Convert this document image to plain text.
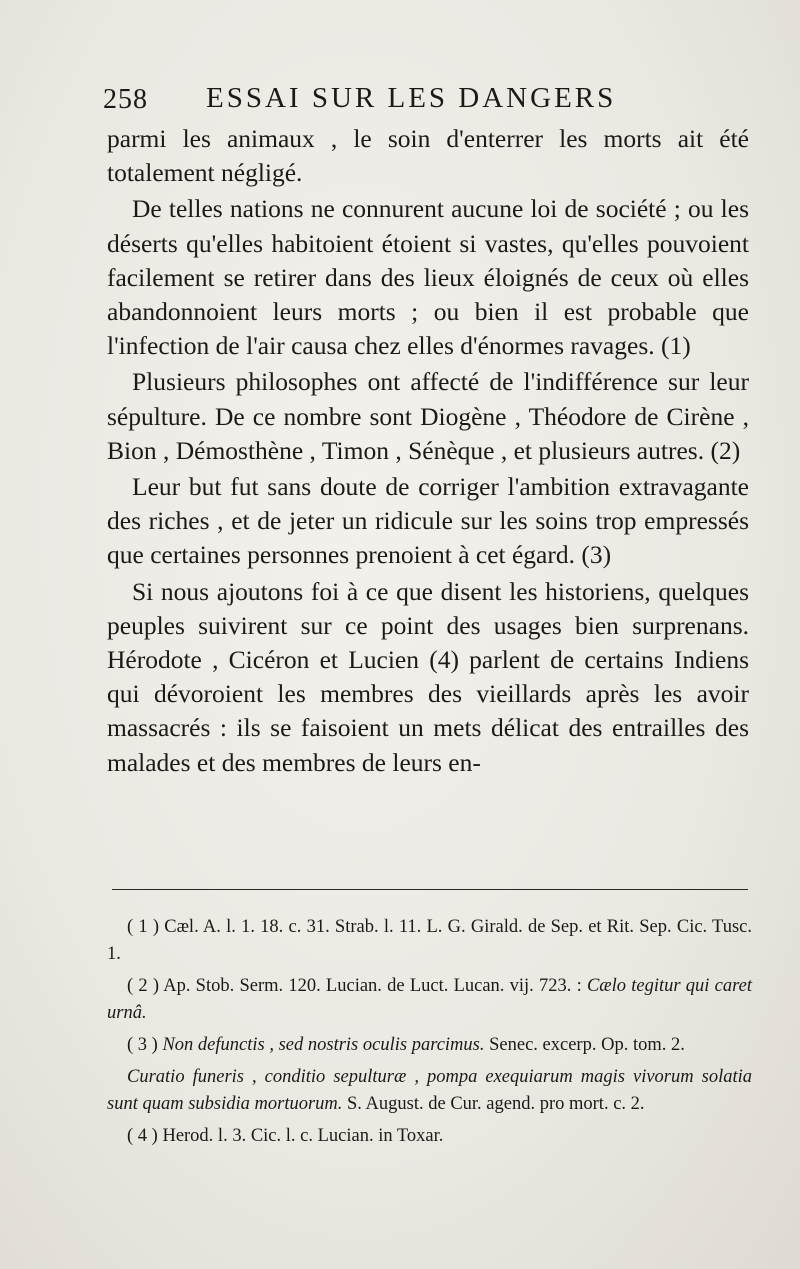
258 ESSAI SUR LES DANGERS

parmi les animaux , le soin d'enterrer les morts ait été totalement négligé.

De telles nations ne connurent aucune loi de société ; ou les déserts qu'elles habitoient étoient si vastes, qu'elles pouvoient facilement se retirer dans des lieux éloignés de ceux où elles abandonnoient leurs morts ; ou bien il est probable que l'infection de l'air causa chez elles d'énormes ravages. (1)

Plusieurs philosophes ont affecté de l'indifférence sur leur sépulture. De ce nombre sont Diogène , Théodore de Cirène , Bion , Démosthène , Timon , Sénèque , et plusieurs autres. (2)

Leur but fut sans doute de corriger l'ambition extravagante des riches , et de jeter un ridicule sur les soins trop empressés que certaines personnes prenoient à cet égard. (3)

Si nous ajoutons foi à ce que disent les historiens, quelques peuples suivirent sur ce point des usages bien surprenans. Hérodote , Cicéron et Lucien (4) parlent de certains Indiens qui dévoroient les membres des vieillards après les avoir massacrés : ils se faisoient un mets délicat des entrailles des malades et des membres de leurs en-

( 1 ) Cæl. A. l. 1. 18. c. 31. Strab. l. 11. L. G. Girald. de Sep. et Rit. Sep. Cic. Tusc. 1.

( 2 ) Ap. Stob. Serm. 120. Lucian. de Luct. Lucan. vij. 723. : Cælo tegitur qui caret urnâ.

( 3 ) Non defunctis , sed nostris oculis parcimus. Senec. excerp. Op. tom. 2.

Curatio funeris , conditio sepulturæ , pompa exequiarum magis vivorum solatia sunt quam subsidia mortuorum. S. August. de Cur. agend. pro mort. c. 2.

( 4 ) Herod. l. 3. Cic. l. c. Lucian. in Toxar.
